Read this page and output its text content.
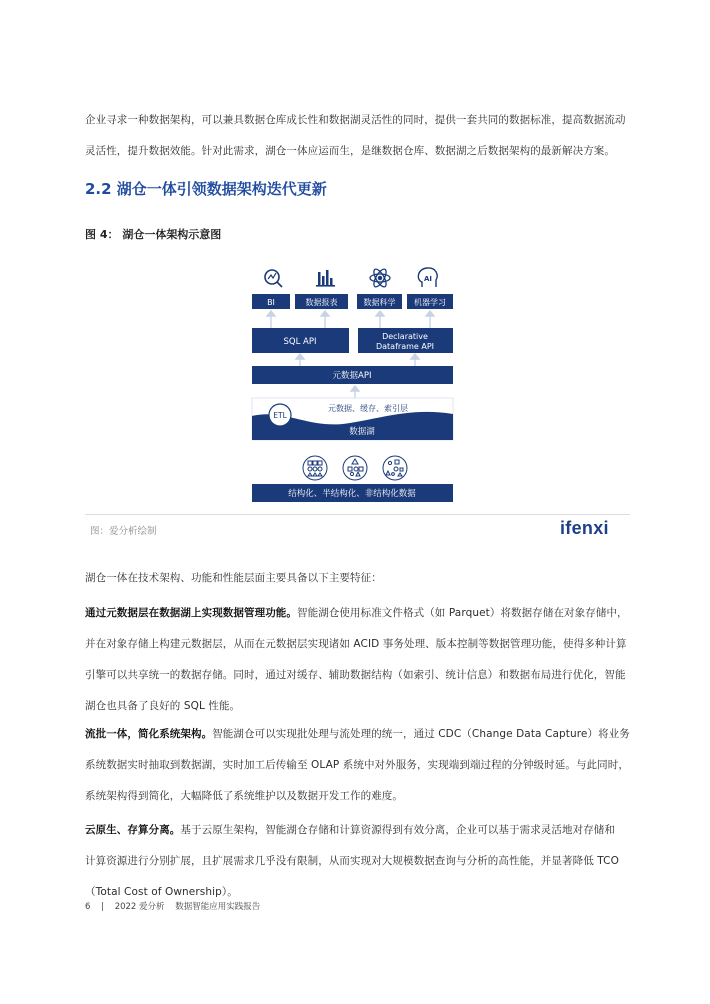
企业寻求一种数据架构，可以兼具数据仓库成长性和数据湖灵活性的同时，提供一套共同的数据标准，提高数据流动
灵活性，提升数据效能。针对此需求，湖仓一体应运而生，是继数据仓库、数据湖之后数据架构的最新解决方案。
2.2 湖仓一体引领数据架构迭代更新
图 4： 湖仓一体架构示意图
AI
BI	数据报表	数据科学 机器学习
SQL API
Declarative
Dataframe API
元数据API
ETL
元数据、缓存、索引层
数据湖
结构化、半结构化、非结构化数据
图：爱分析绘制	ifenxi
湖仓一体在技术架构、功能和性能层面主要具备以下主要特征：
通过元数据层在数据湖上实现数据管理功能。智能湖仓使用标准文件格式（如 Parquet）将数据存储在对象存储中，
并在对象存储上构建元数据层，从而在元数据层实现诸如 ACID 事务处理、版本控制等数据管理功能，使得多种计算
引擎可以共享统一的数据存储。同时，通过对缓存、辅助数据结构（如索引、统计信息）和数据布局进行优化，智能
湖仓也具备了良好的 SQL 性能。
流批一体，简化系统架构。智能湖仓可以实现批处理与流处理的统一，通过 CDC（Change Data Capture）将业务
系统数据实时抽取到数据湖，实时加工后传输至 OLAP 系统中对外服务，实现端到端过程的分钟级时延。与此同时，
系统架构得到简化，大幅降低了系统维护以及数据开发工作的难度。
云原生、存算分离。基于云原生架构，智能湖仓存储和计算资源得到有效分离，企业可以基于需求灵活地对存储和
计算资源进行分别扩展，且扩展需求几乎没有限制，从而实现对大规模数据查询与分析的高性能，并显著降低 TCO
（Total Cost of Ownership）。
6 | 2022 爱分析 数据智能应用实践报告
